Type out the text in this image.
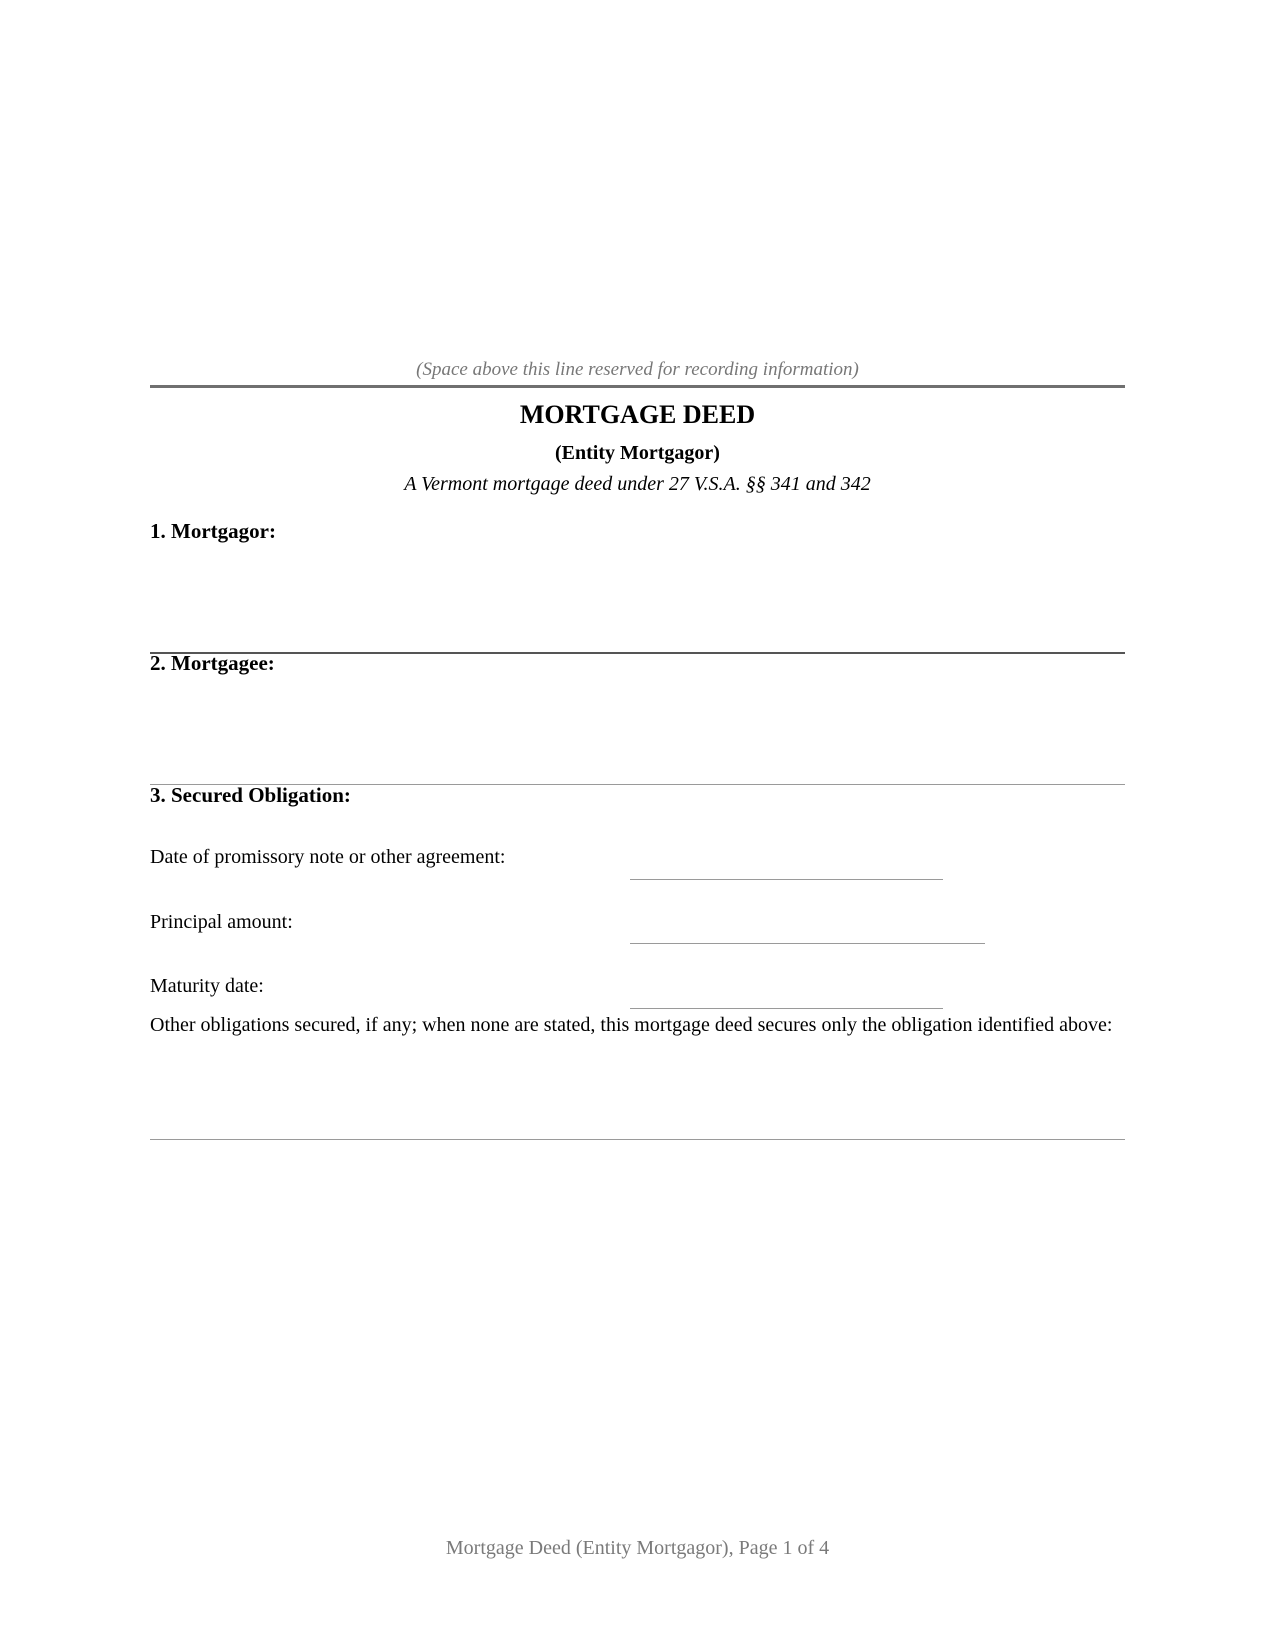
(Space above this line reserved for recording information)
MORTGAGE DEED
(Entity Mortgagor)
A Vermont mortgage deed under 27 V.S.A. §§ 341 and 342
1. Mortgagor:
2. Mortgagee:
3. Secured Obligation:
Date of promissory note or other agreement:
Principal amount:
Maturity date:
Other obligations secured, if any; when none are stated, this mortgage deed secures only the obligation identified above:
Mortgage Deed (Entity Mortgagor), Page 1 of 4
